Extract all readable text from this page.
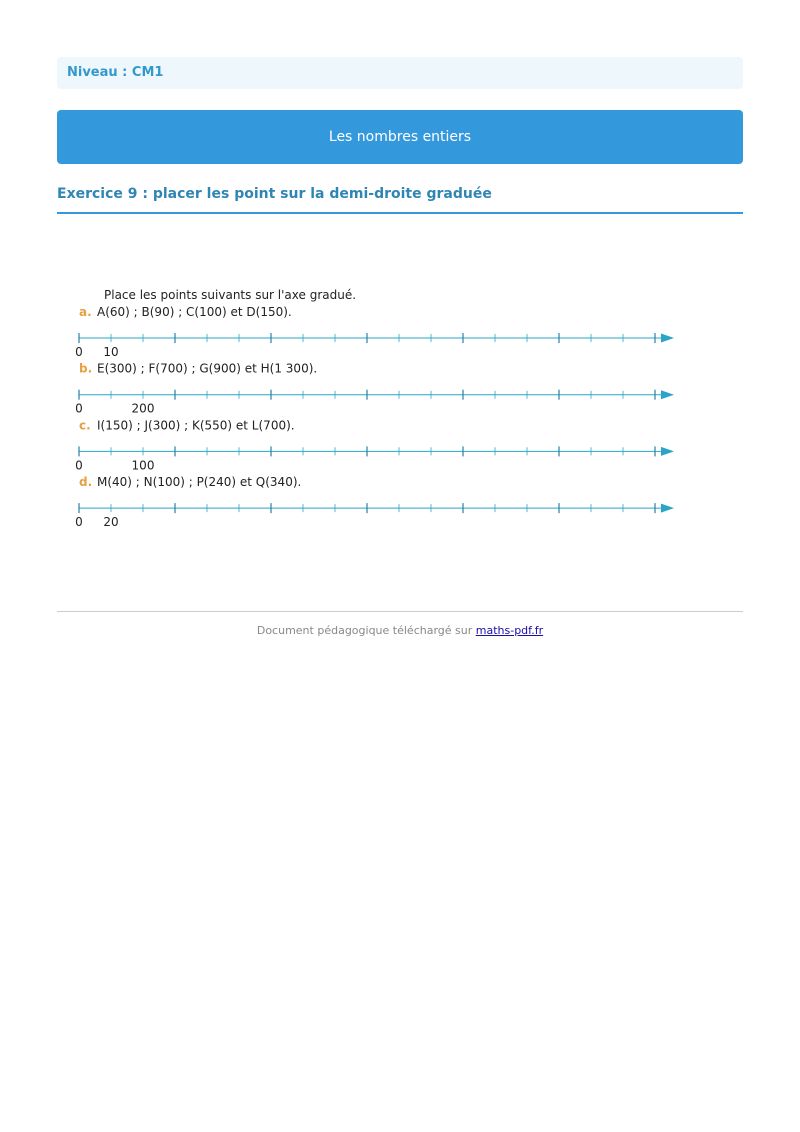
Niveau : CM1
Les nombres entiers
Exercice 9 : placer les point sur la demi-droite graduée
Place les points suivants sur l'axe gradué.
a. A(60) ; B(90) ; C(100) et D(150).
0 10
b. E(300) ; F(700) ; G(900) et H(1 300).
0	200
c. I(150) ; J(300) ; K(550) et L(700).
0	100
d. M(40) ; N(100) ; P(240) et Q(340).
0 20
Document pédagogique téléchargé sur maths-pdf.fr
